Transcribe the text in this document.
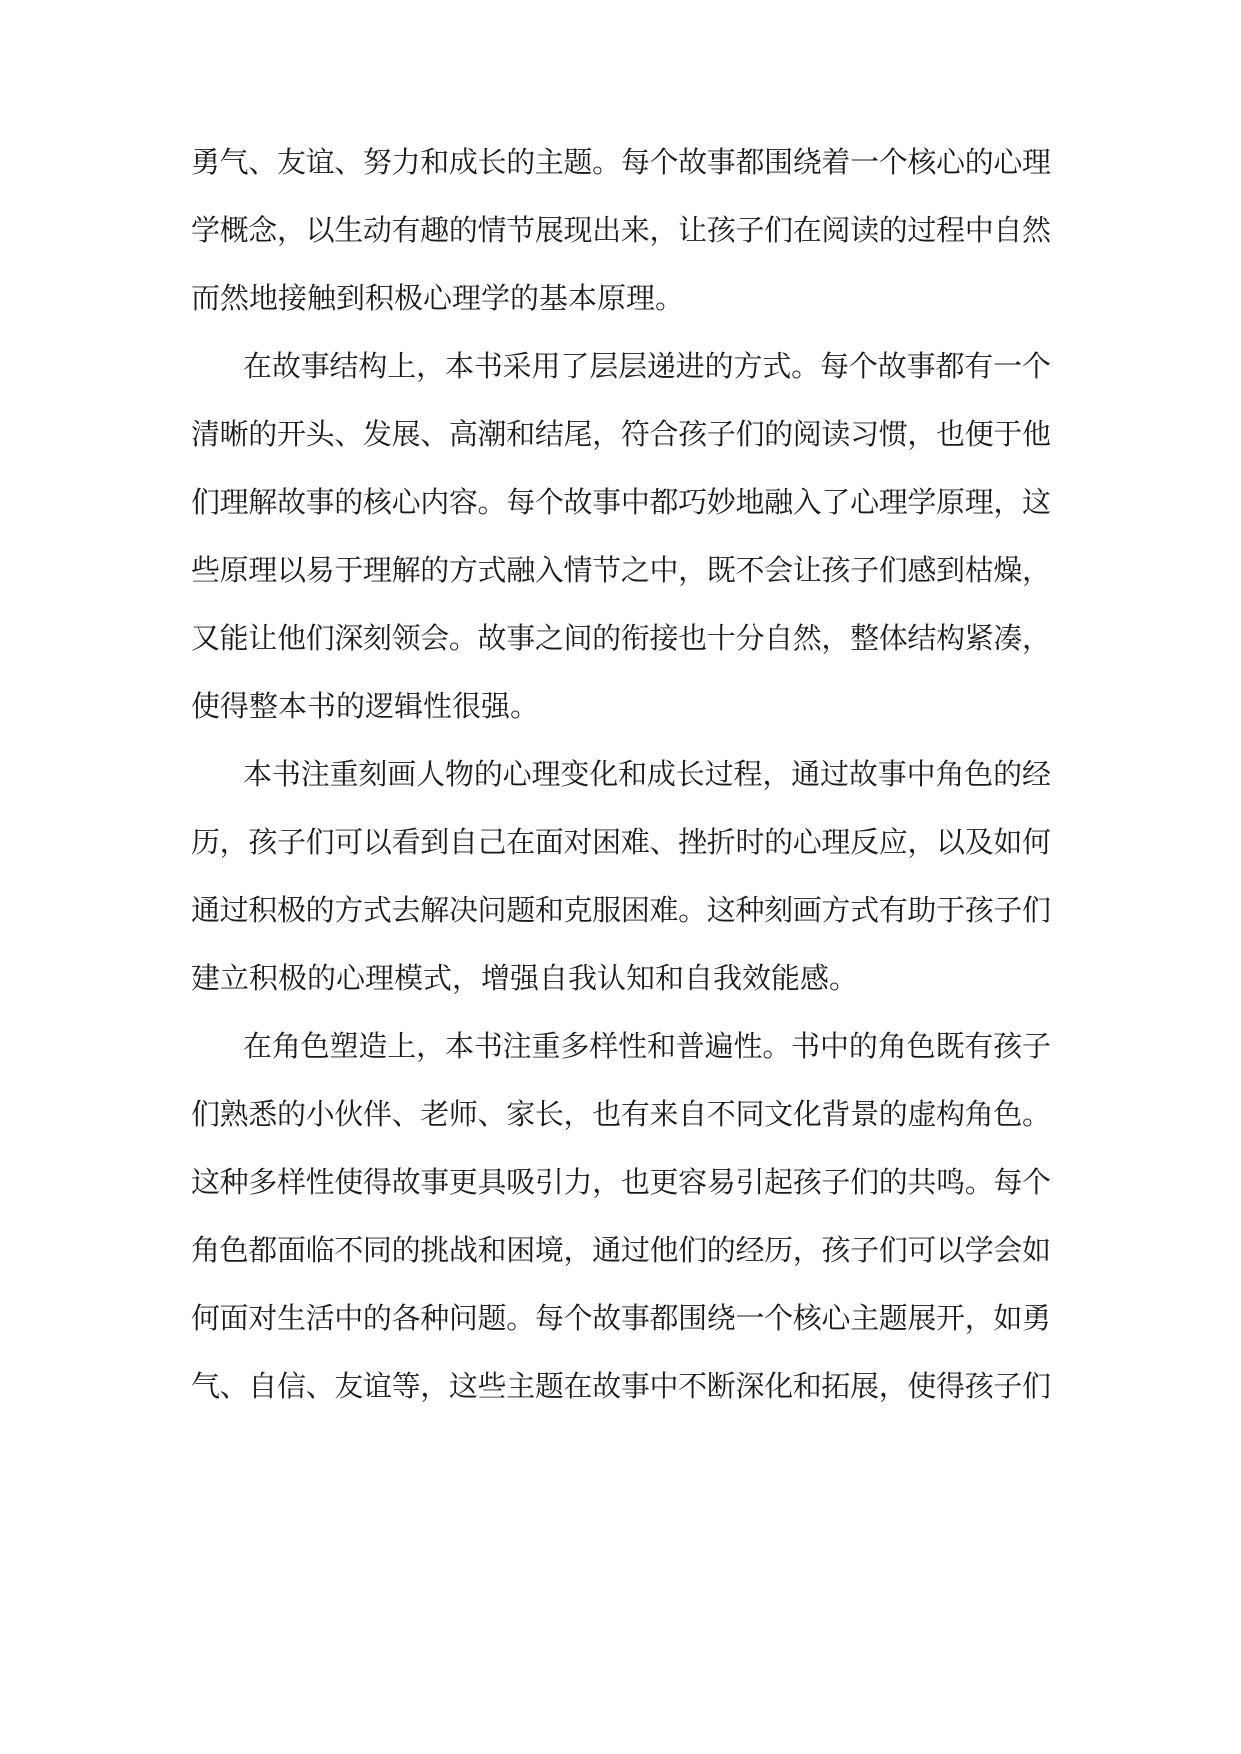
勇气、友谊、努力和成长的主题。每个故事都围绕着一个核心的心理
学概念，以生动有趣的情节展现出来，让孩子们在阅读的过程中自然
而然地接触到积极心理学的基本原理。
在故事结构上，本书采用了层层递进的方式。每个故事都有一个
清晰的开头、发展、高潮和结尾，符合孩子们的阅读习惯，也便于他
们理解故事的核心内容。每个故事中都巧妙地融入了心理学原理，这
些原理以易于理解的方式融入情节之中，既不会让孩子们感到枯燥，
又能让他们深刻领会。故事之间的衔接也十分自然，整体结构紧凑，
使得整本书的逻辑性很强。
本书注重刻画人物的心理变化和成长过程，通过故事中角色的经
历，孩子们可以看到自己在面对困难、挫折时的心理反应，以及如何
通过积极的方式去解决问题和克服困难。这种刻画方式有助于孩子们
建立积极的心理模式，增强自我认知和自我效能感。
在角色塑造上，本书注重多样性和普遍性。书中的角色既有孩子
们熟悉的小伙伴、老师、家长，也有来自不同文化背景的虚构角色。
这种多样性使得故事更具吸引力，也更容易引起孩子们的共鸣。每个
角色都面临不同的挑战和困境，通过他们的经历，孩子们可以学会如
何面对生活中的各种问题。每个故事都围绕一个核心主题展开，如勇
气、自信、友谊等，这些主题在故事中不断深化和拓展，使得孩子们
